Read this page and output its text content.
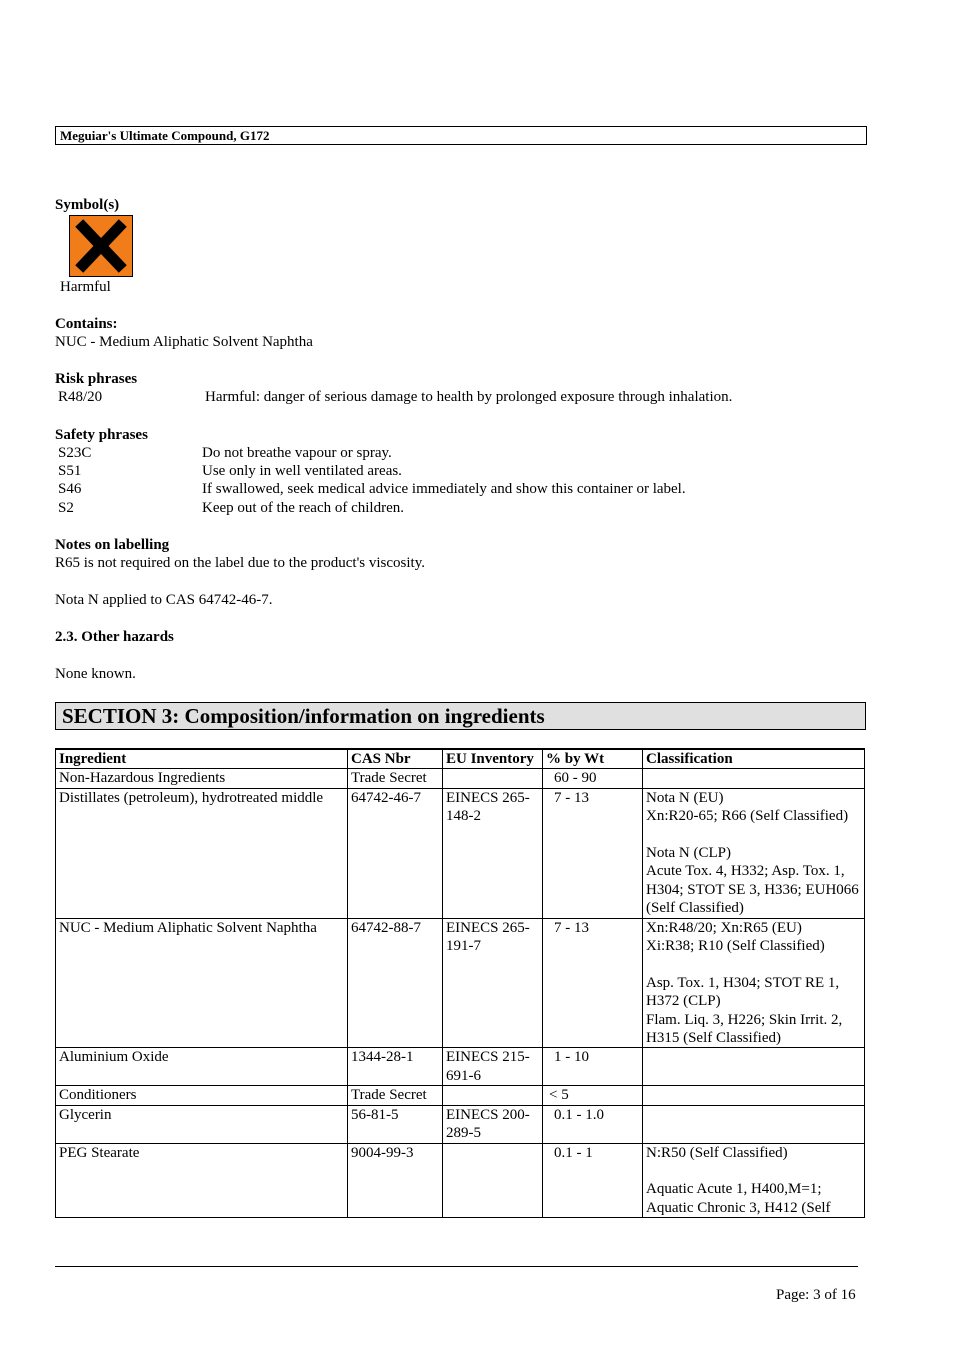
Meguiar's Ultimate Compound, G172
Symbol(s)
Harmful
Contains:
NUC - Medium Aliphatic Solvent Naphtha
Risk phrases
R48/20	Harmful: danger of serious damage to health by prolonged exposure through inhalation.
Safety phrases
S23C	Do not breathe vapour or spray.
S51	Use only in well ventilated areas.
S46	If swallowed, seek medical advice immediately and show this container or label.
S2	Keep out of the reach of children.
Notes on labelling
R65 is not required on the label due to the product's viscosity.
Nota N applied to CAS 64742-46-7.
2.3. Other hazards
None known.
SECTION 3: Composition/information on ingredients
Ingredient	CAS Nbr	EU Inventory	% by Wt	Classification
Non-Hazardous Ingredients	Trade Secret		60 - 90	
Distillates (petroleum), hydrotreated middle	64742-46-7	EINECS 265-148-2	7 - 13	Nota N (EU)
Xn:R20-65; R66 (Self Classified)
Nota N (CLP)
Acute Tox. 4, H332; Asp. Tox. 1, H304; STOT SE 3, H336; EUH066 (Self Classified)

NUC - Medium Aliphatic Solvent Naphtha	64742-88-7	EINECS 265-191-7	7 - 13	Xn:R48/20; Xn:R65 (EU)
Xi:R38; R10 (Self Classified)
Asp. Tox. 1, H304; STOT RE 1, H372 (CLP)
Flam. Liq. 3, H226; Skin Irrit. 2, H315 (Self Classified)

Aluminium Oxide	1344-28-1	EINECS 215-691-6	1 - 10	
Conditioners	Trade Secret		< 5	
Glycerin	56-81-5	EINECS 200-289-5	0.1 - 1.0	
PEG Stearate	9004-99-3		0.1 - 1	N:R50 (Self Classified)
Aquatic Acute 1, H400,M=1; Aquatic Chronic 3, H412 (Self
Page: 3 of 16
